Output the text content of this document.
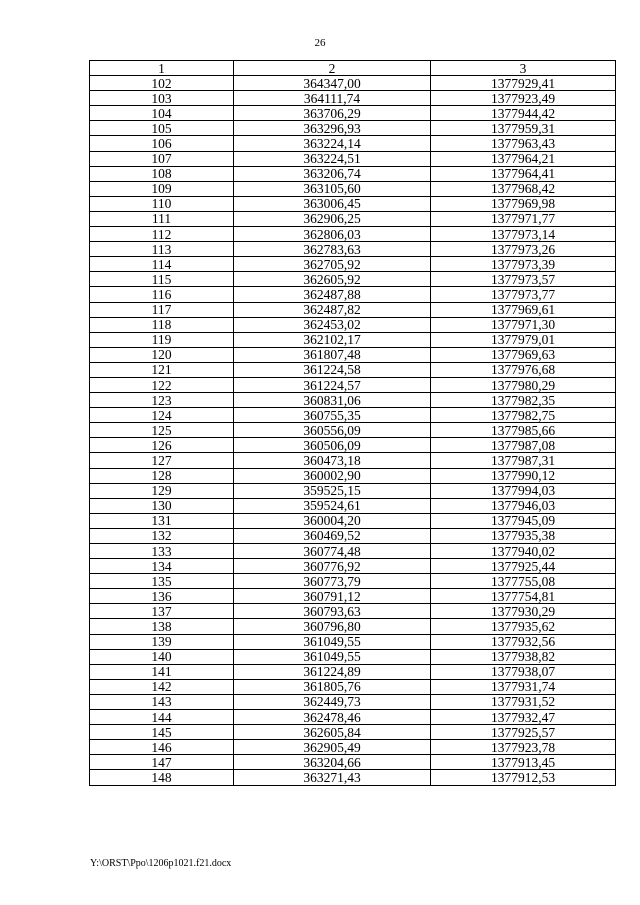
26
1	2	3
102	364347,00	1377929,41
103	364111,74	1377923,49
104	363706,29	1377944,42
105	363296,93	1377959,31
106	363224,14	1377963,43
107	363224,51	1377964,21
108	363206,74	1377964,41
109	363105,60	1377968,42
110	363006,45	1377969,98
111	362906,25	1377971,77
112	362806,03	1377973,14
113	362783,63	1377973,26
114	362705,92	1377973,39
115	362605,92	1377973,57
116	362487,88	1377973,77
117	362487,82	1377969,61
118	362453,02	1377971,30
119	362102,17	1377979,01
120	361807,48	1377969,63
121	361224,58	1377976,68
122	361224,57	1377980,29
123	360831,06	1377982,35
124	360755,35	1377982,75
125	360556,09	1377985,66
126	360506,09	1377987,08
127	360473,18	1377987,31
128	360002,90	1377990,12
129	359525,15	1377994,03
130	359524,61	1377946,03
131	360004,20	1377945,09
132	360469,52	1377935,38
133	360774,48	1377940,02
134	360776,92	1377925,44
135	360773,79	1377755,08
136	360791,12	1377754,81
137	360793,63	1377930,29
138	360796,80	1377935,62
139	361049,55	1377932,56
140	361049,55	1377938,82
141	361224,89	1377938,07
142	361805,76	1377931,74
143	362449,73	1377931,52
144	362478,46	1377932,47
145	362605,84	1377925,57
146	362905,49	1377923,78
147	363204,66	1377913,45
148	363271,43	1377912,53
Y:\ORST\Ppo\1206p1021.f21.docx
